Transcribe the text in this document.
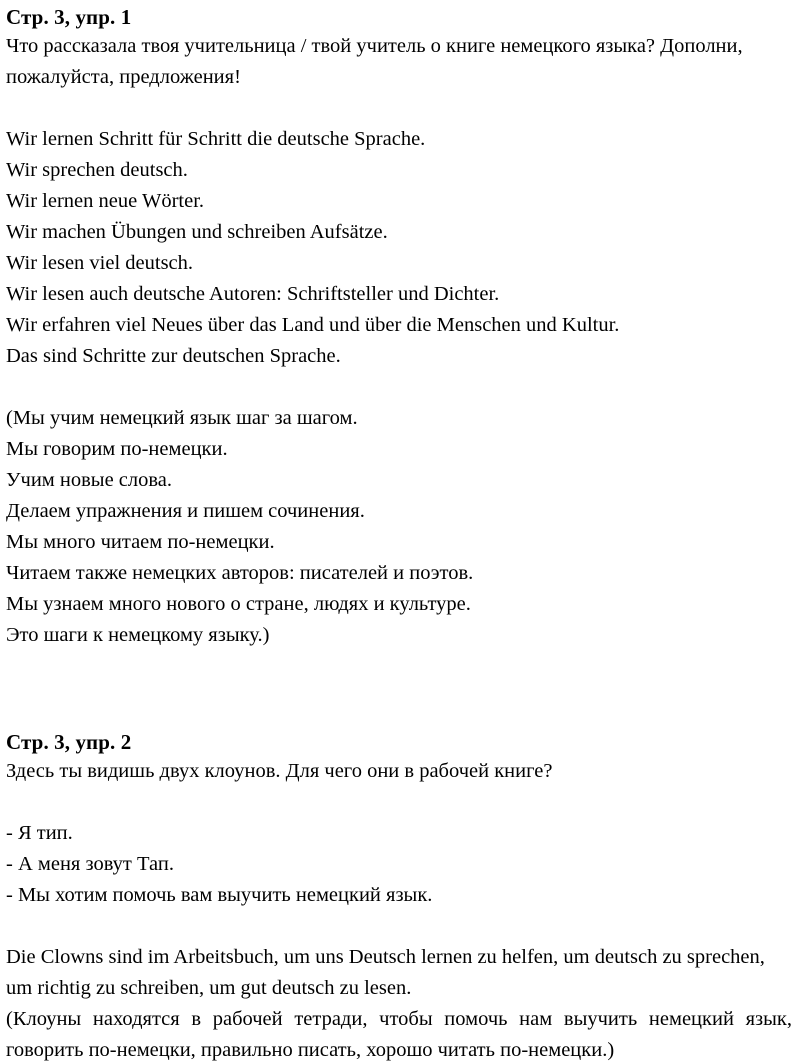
Стр. 3, упр. 1

Что рассказала твоя учительница / твой учитель о книге немецкого языка? Дополни, пожалуйста, предложения!

Wir lernen Schritt für Schritt die deutsche Sprache.

Wir sprechen deutsch.

Wir lernen neue Wörter.

Wir machen Übungen und schreiben Aufsätze.

Wir lesen viel deutsch.

Wir lesen auch deutsche Autoren: Schriftsteller und Dichter.

Wir erfahren viel Neues über das Land und über die Menschen und Kultur.

Das sind Schritte zur deutschen Sprache.

(Мы учим немецкий язык шаг за шагом.

Мы говорим по-немецки.

Учим новые слова.

Делаем упражнения и пишем сочинения.

Мы много читаем по-немецки.

Читаем также немецких авторов: писателей и поэтов.

Мы узнаем много нового о стране, людях и культуре.

Это шаги к немецкому языку.)

Стр. 3, упр. 2

Здесь ты видишь двух клоунов. Для чего они в рабочей книге?

- Я тип.

- А меня зовут Тап.

- Мы хотим помочь вам выучить немецкий язык.

Die Clowns sind im Arbeitsbuch, um uns Deutsch lernen zu helfen, um deutsch zu sprechen, um richtig zu schreiben, um gut deutsch zu lesen.

(Клоуны находятся в рабочей тетради, чтобы помочь нам выучить немецкий язык, говорить по-немецки, правильно писать, хорошо читать по-немецки.)
